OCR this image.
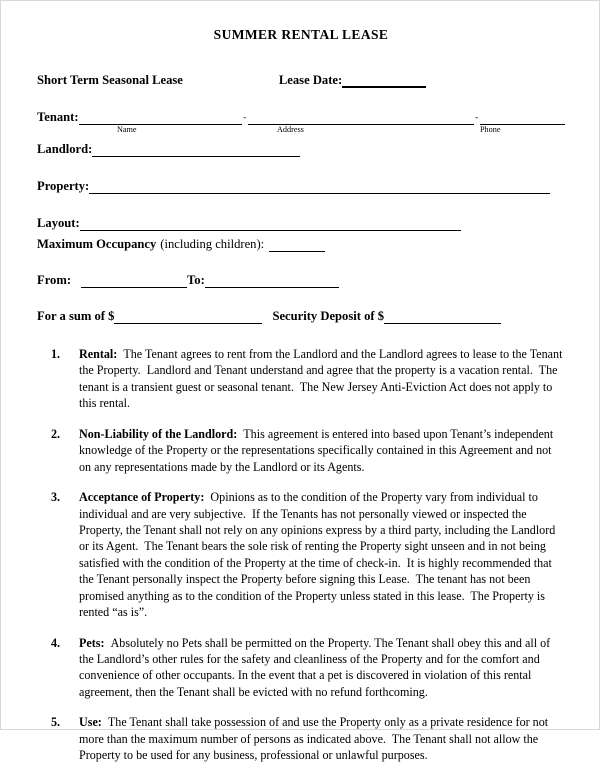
SUMMER RENTAL LEASE
Short Term Seasonal Lease	Lease Date:
Tenant:	-	-
Name	Address	Phone
Landlord:
Property:
Layout:
Maximum Occupancy (including children):
From:	To:
For a sum of $	Security Deposit of $
1. Rental:  The Tenant agrees to rent from the Landlord and the Landlord agrees to lease to the Tenant the Property.  Landlord and Tenant understand and agree that the property is a vacation rental.  The tenant is a transient guest or seasonal tenant.  The New Jersey Anti-Eviction Act does not apply to this rental.
2. Non-Liability of the Landlord:  This agreement is entered into based upon Tenant’s independent knowledge of the Property or the representations specifically contained in this Agreement and not on any representations made by the Landlord or its Agents.
3. Acceptance of Property:  Opinions as to the condition of the Property vary from individual to individual and are very subjective.  If the Tenants has not personally viewed or inspected the Property, the Tenant shall not rely on any opinions express by a third party, including the Landlord or its Agent.  The Tenant bears the sole risk of renting the Property sight unseen and in not being satisfied with the condition of the Property at the time of check-in.  It is highly recommended that the Tenant personally inspect the Property before signing this Lease.  The tenant has not been promised anything as to the condition of the Property unless stated in this lease.  The Property is rented “as is”.
4. Pets:  Absolutely no Pets shall be permitted on the Property. The Tenant shall obey this and all of the Landlord’s other rules for the safety and cleanliness of the Property and for the comfort and convenience of other occupants. In the event that a pet is discovered in violation of this rental agreement, then the Tenant shall be evicted with no refund forthcoming.
5. Use:  The Tenant shall take possession of and use the Property only as a private residence for not more than the maximum number of persons as indicated above.  The Tenant shall not allow the Property to be used for any business, professional or unlawful purposes.
